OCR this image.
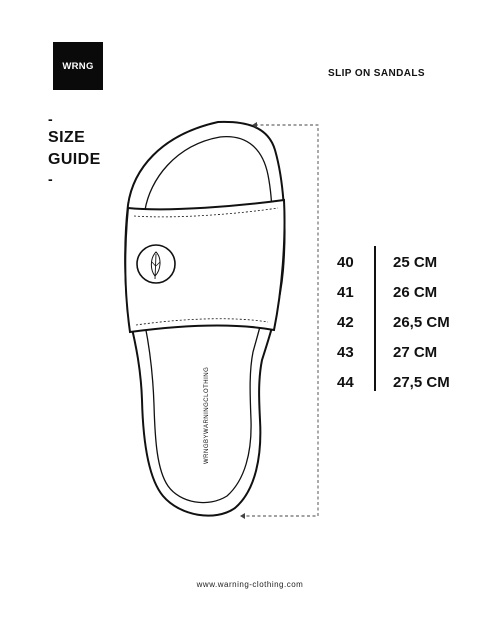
WRNG
SLIP ON SANDALS
-
SIZE
GUIDE
-
WRNGBYWARNINGCLOTHING
40	25 CM
41	26 CM
42	26,5 CM
43	27 CM
44	27,5 CM
www.warning-clothing.com
